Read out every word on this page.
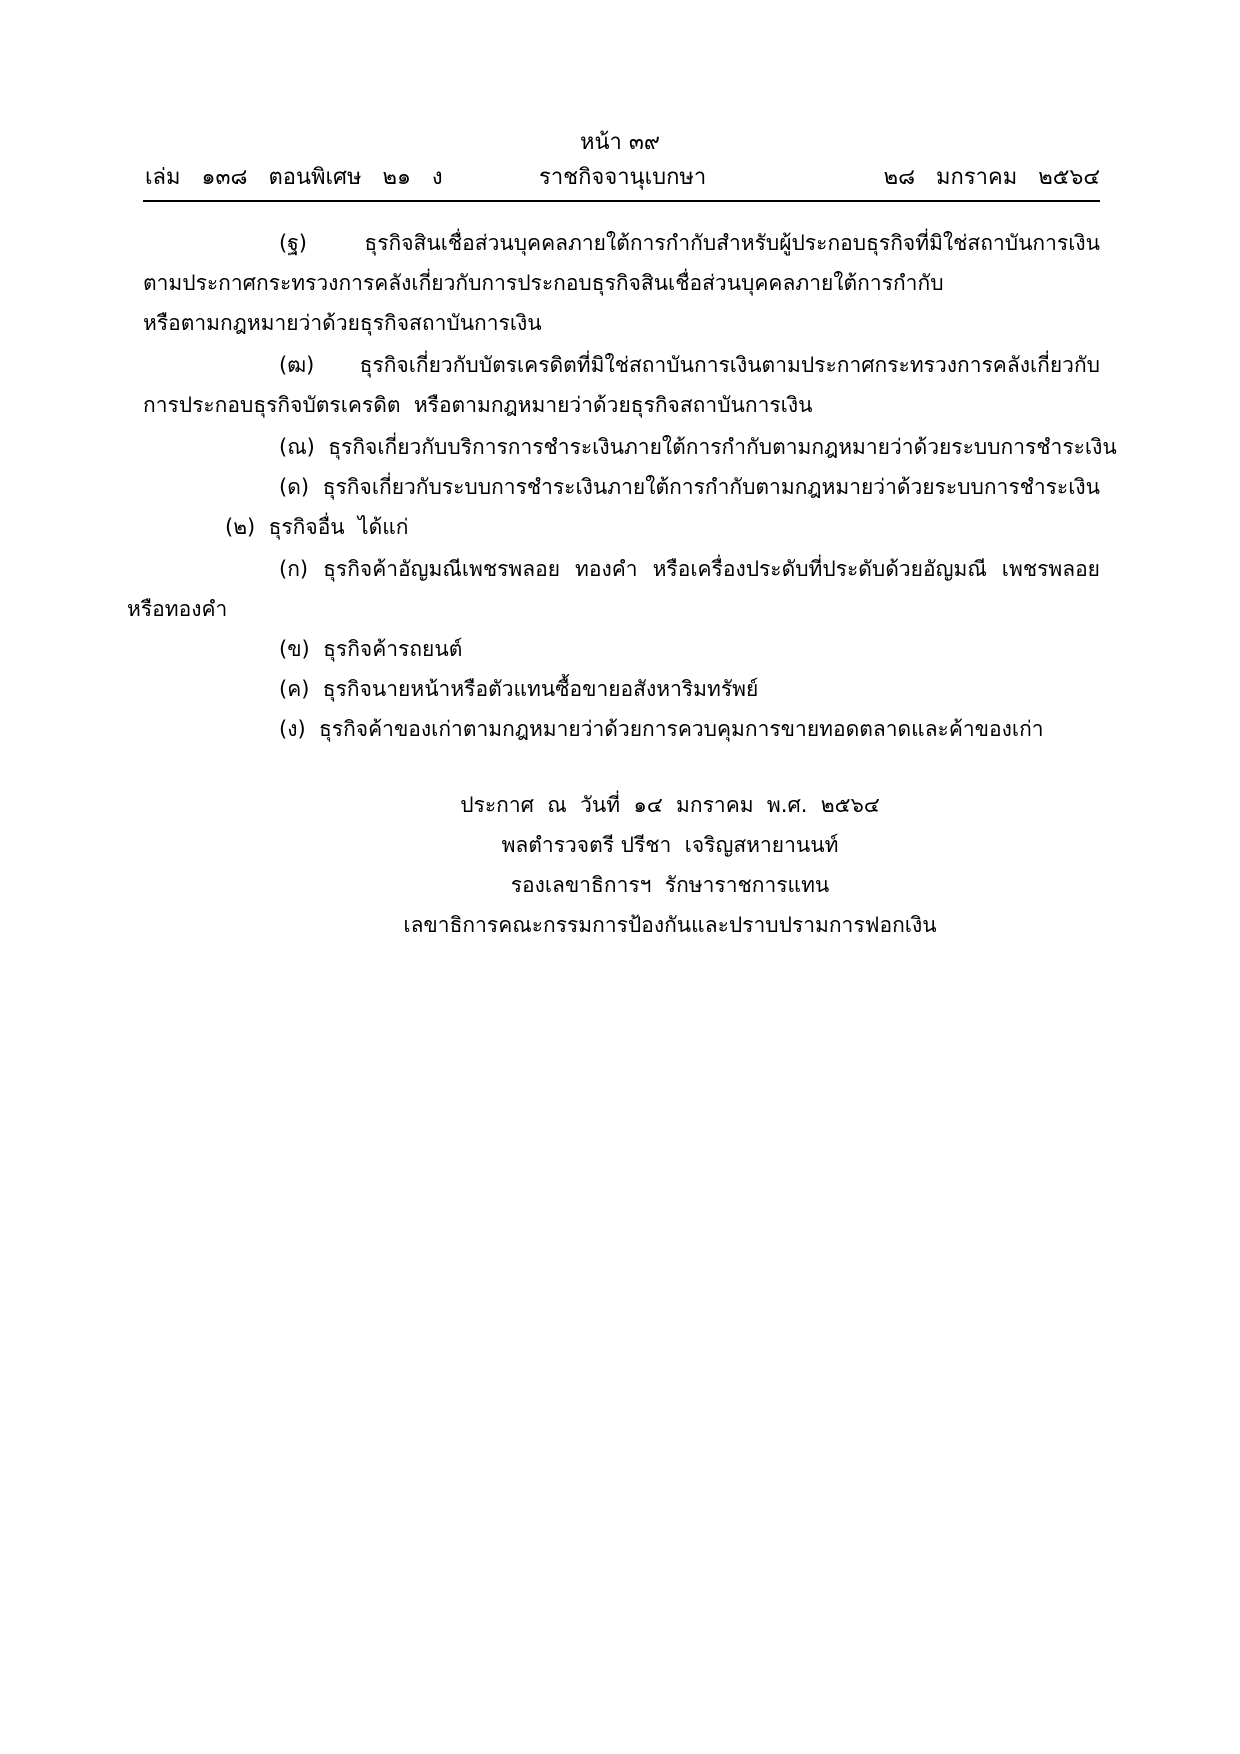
หน้า ๓๙
เล่ม   ๑๓๘   ตอนพิเศษ   ๒๑   ง	ราชกิจจานุเบกษา	๒๘   มกราคม   ๒๕๖๔
(ฐ)  ธุรกิจสินเชื่อส่วนบุคคลภายใต้การกำกับสำหรับผู้ประกอบธุรกิจที่มิใช่สถาบันการเงิน
ตามประกาศกระทรวงการคลังเกี่ยวกับการประกอบธุรกิจสินเชื่อส่วนบุคคลภายใต้การกำกับ
หรือตามกฎหมายว่าด้วยธุรกิจสถาบันการเงิน
(ฒ) ธุรกิจเกี่ยวกับบัตรเครดิตที่มิใช่สถาบันการเงินตามประกาศกระทรวงการคลังเกี่ยวกับ
การประกอบธุรกิจบัตรเครดิต  หรือตามกฎหมายว่าด้วยธุรกิจสถาบันการเงิน
(ณ)  ธุรกิจเกี่ยวกับบริการการชำระเงินภายใต้การกำกับตามกฎหมายว่าด้วยระบบการชำระเงิน
(ด)  ธุรกิจเกี่ยวกับระบบการชำระเงินภายใต้การกำกับตามกฎหมายว่าด้วยระบบการชำระเงิน
(๒)  ธุรกิจอื่น  ได้แก่
(ก)  ธุรกิจค้าอัญมณีเพชรพลอย  ทองคำ  หรือเครื่องประดับที่ประดับด้วยอัญมณี  เพชรพลอย
หรือทองคำ
(ข)  ธุรกิจค้ารถยนต์
(ค)  ธุรกิจนายหน้าหรือตัวแทนซื้อขายอสังหาริมทรัพย์
(ง)  ธุรกิจค้าของเก่าตามกฎหมายว่าด้วยการควบคุมการขายทอดตลาดและค้าของเก่า
ประกาศ  ณ  วันที่  ๑๔  มกราคม  พ.ศ.  ๒๕๖๔
พลตำรวจตรี ปรีชา  เจริญสหายานนท์
รองเลขาธิการฯ  รักษาราชการแทน
เลขาธิการคณะกรรมการป้องกันและปราบปรามการฟอกเงิน
